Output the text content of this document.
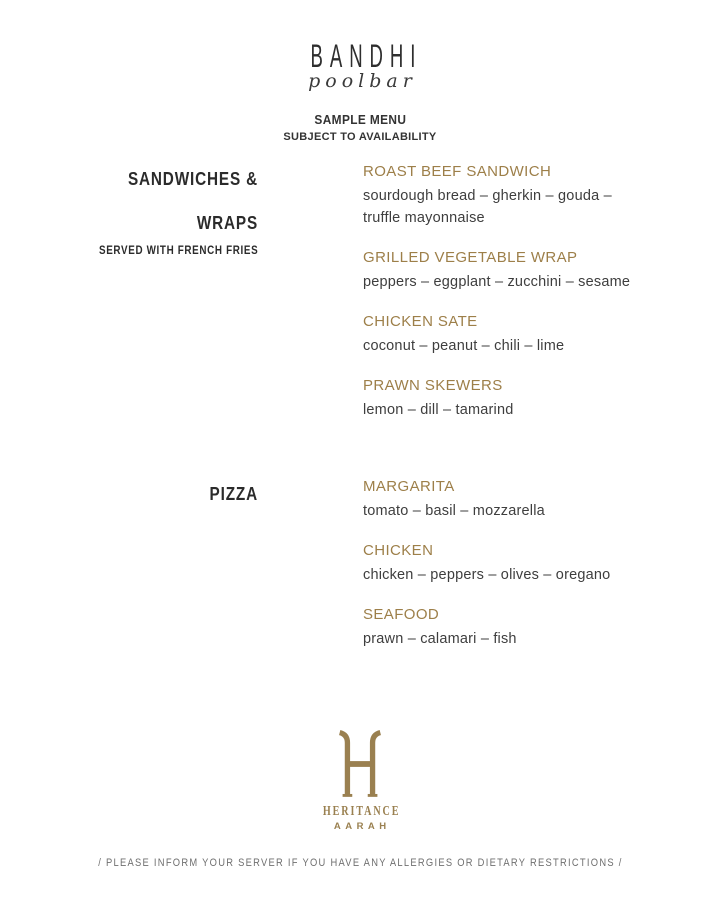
BANDHI
poolbar
SAMPLE MENU
SUBJECT TO AVAILABILITY
SANDWICHES &

WRAPS
SERVED WITH FRENCH FRIES
ROAST BEEF SANDWICH
sourdough bread – gherkin – gouda – truffle mayonnaise
GRILLED VEGETABLE WRAP
peppers – eggplant – zucchini – sesame
CHICKEN SATE
coconut – peanut – chili – lime
PRAWN SKEWERS
lemon – dill – tamarind
PIZZA	MARGARITA
tomato – basil – mozzarella
CHICKEN
chicken – peppers – olives – oregano
SEAFOOD
prawn – calamari – fish
HERITANCE
AARAH
/ PLEASE INFORM YOUR SERVER IF YOU HAVE ANY ALLERGIES OR DIETARY RESTRICTIONS /
